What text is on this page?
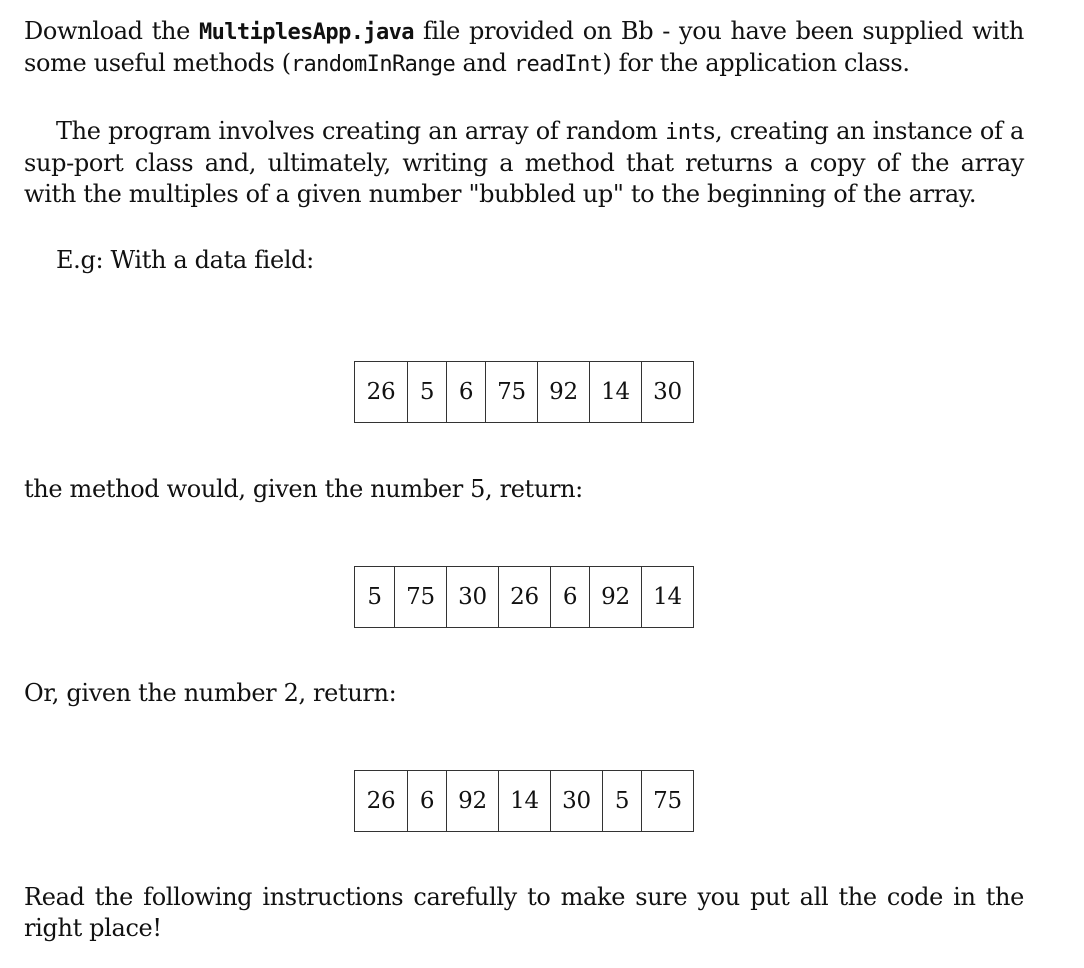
Download the MultiplesApp.java file provided on Bb - you have been supplied with some useful methods (randomInRange and readInt) for the application class.

The program involves creating an array of random ints, creating an instance of a sup-port class and, ultimately, writing a method that returns a copy of the array with the multiples of a given number "bubbled up" to the beginning of the array.

E.g: With a data field:

26	5	6	75	92	14	30

the method would, given the number 5, return:

5	75	30	26	6	92	14

Or, given the number 2, return:

26	6	92	14	30	5	75

Read the following instructions carefully to make sure you put all the code in the right place!
